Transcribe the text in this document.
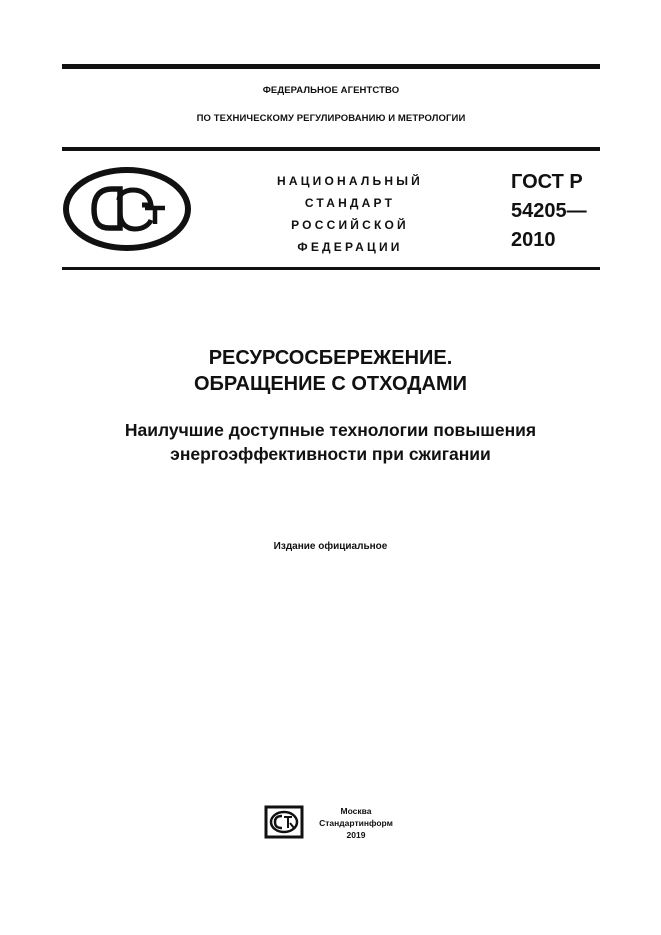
ФЕДЕРАЛЬНОЕ АГЕНТСТВО
ПО ТЕХНИЧЕСКОМУ РЕГУЛИРОВАНИЮ И МЕТРОЛОГИИ
НАЦИОНАЛЬНЫЙ
СТАНДАРТ
РОССИЙСКОЙ
ФЕДЕРАЦИИ
ГОСТ Р
54205—
2010
РЕСУРСОСБЕРЕЖЕНИЕ.
ОБРАЩЕНИЕ С ОТХОДАМИ
Наилучшие доступные технологии повышения
энергоэффективности при сжигании
Издание официальное
Москва
Стандартинформ
2019
